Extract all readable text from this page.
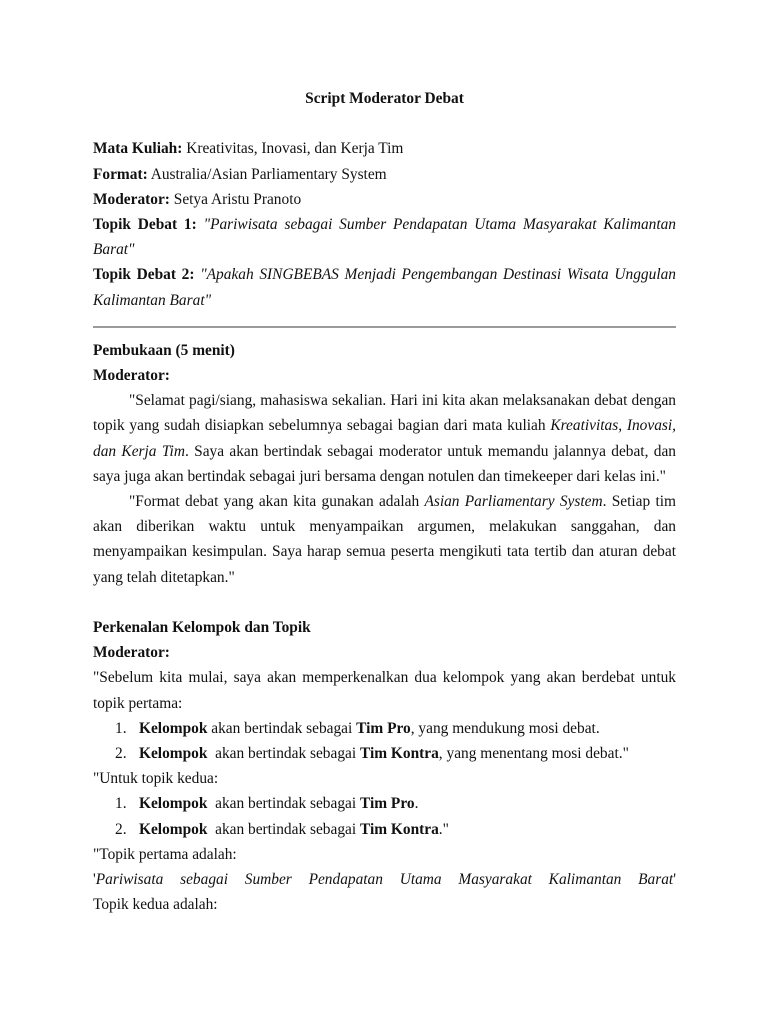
Script Moderator Debat

Mata Kuliah: Kreativitas, Inovasi, dan Kerja Tim

Format: Australia/Asian Parliamentary System

Moderator: Setya Aristu Pranoto

Topik Debat 1: "Pariwisata sebagai Sumber Pendapatan Utama Masyarakat Kalimantan Barat"

Topik Debat 2: "Apakah SINGBEBAS Menjadi Pengembangan Destinasi Wisata Unggulan Kalimantan Barat"

Pembukaan (5 menit)

Moderator:

"Selamat pagi/siang, mahasiswa sekalian. Hari ini kita akan melaksanakan debat dengan topik yang sudah disiapkan sebelumnya sebagai bagian dari mata kuliah Kreativitas, Inovasi, dan Kerja Tim. Saya akan bertindak sebagai moderator untuk memandu jalannya debat, dan saya juga akan bertindak sebagai juri bersama dengan notulen dan timekeeper dari kelas ini."

"Format debat yang akan kita gunakan adalah Asian Parliamentary System. Setiap tim akan diberikan waktu untuk menyampaikan argumen, melakukan sanggahan, dan menyampaikan kesimpulan. Saya harap semua peserta mengikuti tata tertib dan aturan debat yang telah ditetapkan."

Perkenalan Kelompok dan Topik

Moderator:

"Sebelum kita mulai, saya akan memperkenalkan dua kelompok yang akan berdebat untuk topik pertama:

1. Kelompok akan bertindak sebagai Tim Pro, yang mendukung mosi debat.

2. Kelompok  akan bertindak sebagai Tim Kontra, yang menentang mosi debat."

"Untuk topik kedua:

1. Kelompok  akan bertindak sebagai Tim Pro.

2. Kelompok  akan bertindak sebagai Tim Kontra."

"Topik pertama adalah:

'Pariwisata sebagai Sumber Pendapatan Utama Masyarakat Kalimantan Barat'

Topik kedua adalah:
